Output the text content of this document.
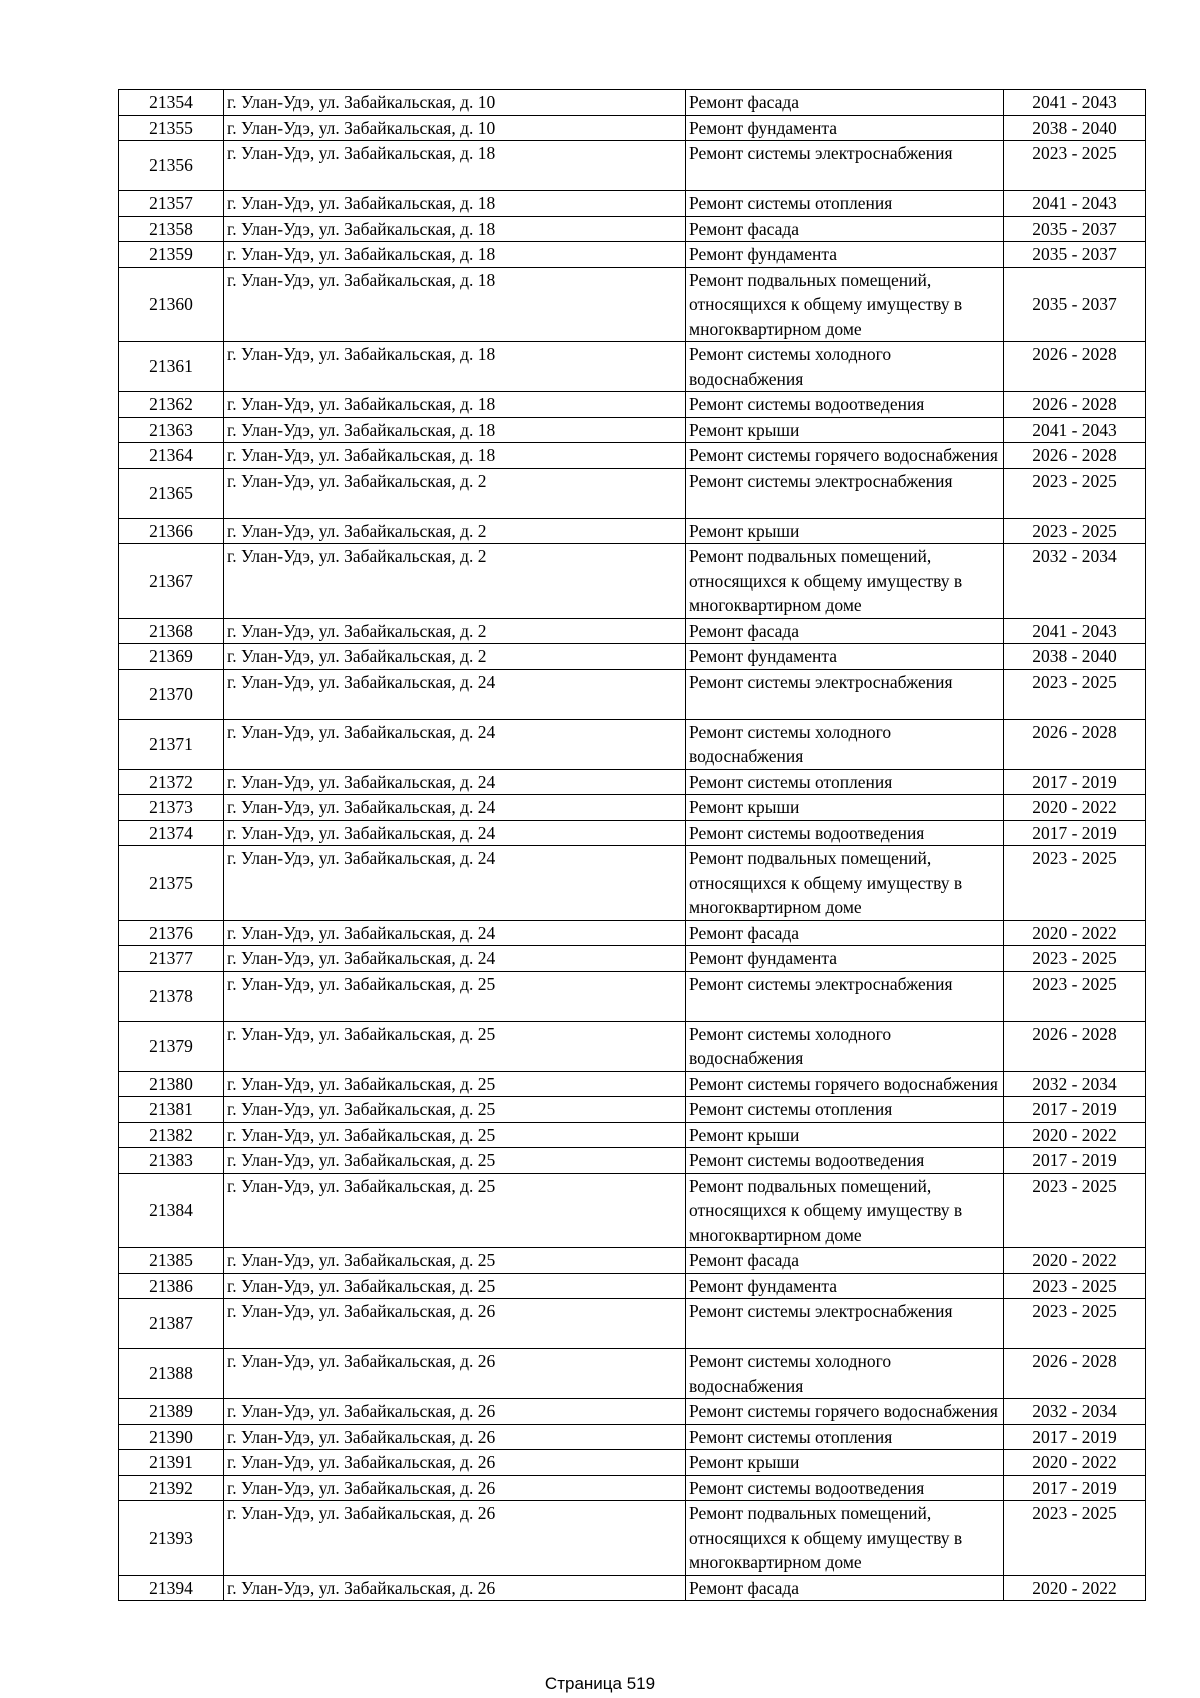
21354	г. Улан-Удэ, ул. Забайкальская, д. 10	Ремонт фасада	2041 - 2043
21355	г. Улан-Удэ, ул. Забайкальская, д. 10	Ремонт фундамента	2038 - 2040
21356	г. Улан-Удэ, ул. Забайкальская, д. 18	Ремонт системы электроснабжения	2023 - 2025
21357	г. Улан-Удэ, ул. Забайкальская, д. 18	Ремонт системы отопления	2041 - 2043
21358	г. Улан-Удэ, ул. Забайкальская, д. 18	Ремонт фасада	2035 - 2037
21359	г. Улан-Удэ, ул. Забайкальская, д. 18	Ремонт фундамента	2035 - 2037
21360	г. Улан-Удэ, ул. Забайкальская, д. 18	Ремонт подвальных помещений, относящихся к общему имуществу в многоквартирном доме	2035 - 2037
21361	г. Улан-Удэ, ул. Забайкальская, д. 18	Ремонт системы холодного водоснабжения	2026 - 2028
21362	г. Улан-Удэ, ул. Забайкальская, д. 18	Ремонт системы водоотведения	2026 - 2028
21363	г. Улан-Удэ, ул. Забайкальская, д. 18	Ремонт крыши	2041 - 2043
21364	г. Улан-Удэ, ул. Забайкальская, д. 18	Ремонт системы горячего водоснабжения	2026 - 2028
21365	г. Улан-Удэ, ул. Забайкальская, д. 2	Ремонт системы электроснабжения	2023 - 2025
21366	г. Улан-Удэ, ул. Забайкальская, д. 2	Ремонт крыши	2023 - 2025
21367	г. Улан-Удэ, ул. Забайкальская, д. 2	Ремонт подвальных помещений, относящихся к общему имуществу в многоквартирном доме	2032 - 2034
21368	г. Улан-Удэ, ул. Забайкальская, д. 2	Ремонт фасада	2041 - 2043
21369	г. Улан-Удэ, ул. Забайкальская, д. 2	Ремонт фундамента	2038 - 2040
21370	г. Улан-Удэ, ул. Забайкальская, д. 24	Ремонт системы электроснабжения	2023 - 2025
21371	г. Улан-Удэ, ул. Забайкальская, д. 24	Ремонт системы холодного водоснабжения	2026 - 2028
21372	г. Улан-Удэ, ул. Забайкальская, д. 24	Ремонт системы отопления	2017 - 2019
21373	г. Улан-Удэ, ул. Забайкальская, д. 24	Ремонт крыши	2020 - 2022
21374	г. Улан-Удэ, ул. Забайкальская, д. 24	Ремонт системы водоотведения	2017 - 2019
21375	г. Улан-Удэ, ул. Забайкальская, д. 24	Ремонт подвальных помещений, относящихся к общему имуществу в многоквартирном доме	2023 - 2025
21376	г. Улан-Удэ, ул. Забайкальская, д. 24	Ремонт фасада	2020 - 2022
21377	г. Улан-Удэ, ул. Забайкальская, д. 24	Ремонт фундамента	2023 - 2025
21378	г. Улан-Удэ, ул. Забайкальская, д. 25	Ремонт системы электроснабжения	2023 - 2025
21379	г. Улан-Удэ, ул. Забайкальская, д. 25	Ремонт системы холодного водоснабжения	2026 - 2028
21380	г. Улан-Удэ, ул. Забайкальская, д. 25	Ремонт системы горячего водоснабжения	2032 - 2034
21381	г. Улан-Удэ, ул. Забайкальская, д. 25	Ремонт системы отопления	2017 - 2019
21382	г. Улан-Удэ, ул. Забайкальская, д. 25	Ремонт крыши	2020 - 2022
21383	г. Улан-Удэ, ул. Забайкальская, д. 25	Ремонт системы водоотведения	2017 - 2019
21384	г. Улан-Удэ, ул. Забайкальская, д. 25	Ремонт подвальных помещений, относящихся к общему имуществу в многоквартирном доме	2023 - 2025
21385	г. Улан-Удэ, ул. Забайкальская, д. 25	Ремонт фасада	2020 - 2022
21386	г. Улан-Удэ, ул. Забайкальская, д. 25	Ремонт фундамента	2023 - 2025
21387	г. Улан-Удэ, ул. Забайкальская, д. 26	Ремонт системы электроснабжения	2023 - 2025
21388	г. Улан-Удэ, ул. Забайкальская, д. 26	Ремонт системы холодного водоснабжения	2026 - 2028
21389	г. Улан-Удэ, ул. Забайкальская, д. 26	Ремонт системы горячего водоснабжения	2032 - 2034
21390	г. Улан-Удэ, ул. Забайкальская, д. 26	Ремонт системы отопления	2017 - 2019
21391	г. Улан-Удэ, ул. Забайкальская, д. 26	Ремонт крыши	2020 - 2022
21392	г. Улан-Удэ, ул. Забайкальская, д. 26	Ремонт системы водоотведения	2017 - 2019
21393	г. Улан-Удэ, ул. Забайкальская, д. 26	Ремонт подвальных помещений, относящихся к общему имуществу в многоквартирном доме	2023 - 2025
21394	г. Улан-Удэ, ул. Забайкальская, д. 26	Ремонт фасада	2020 - 2022
Страница 519
